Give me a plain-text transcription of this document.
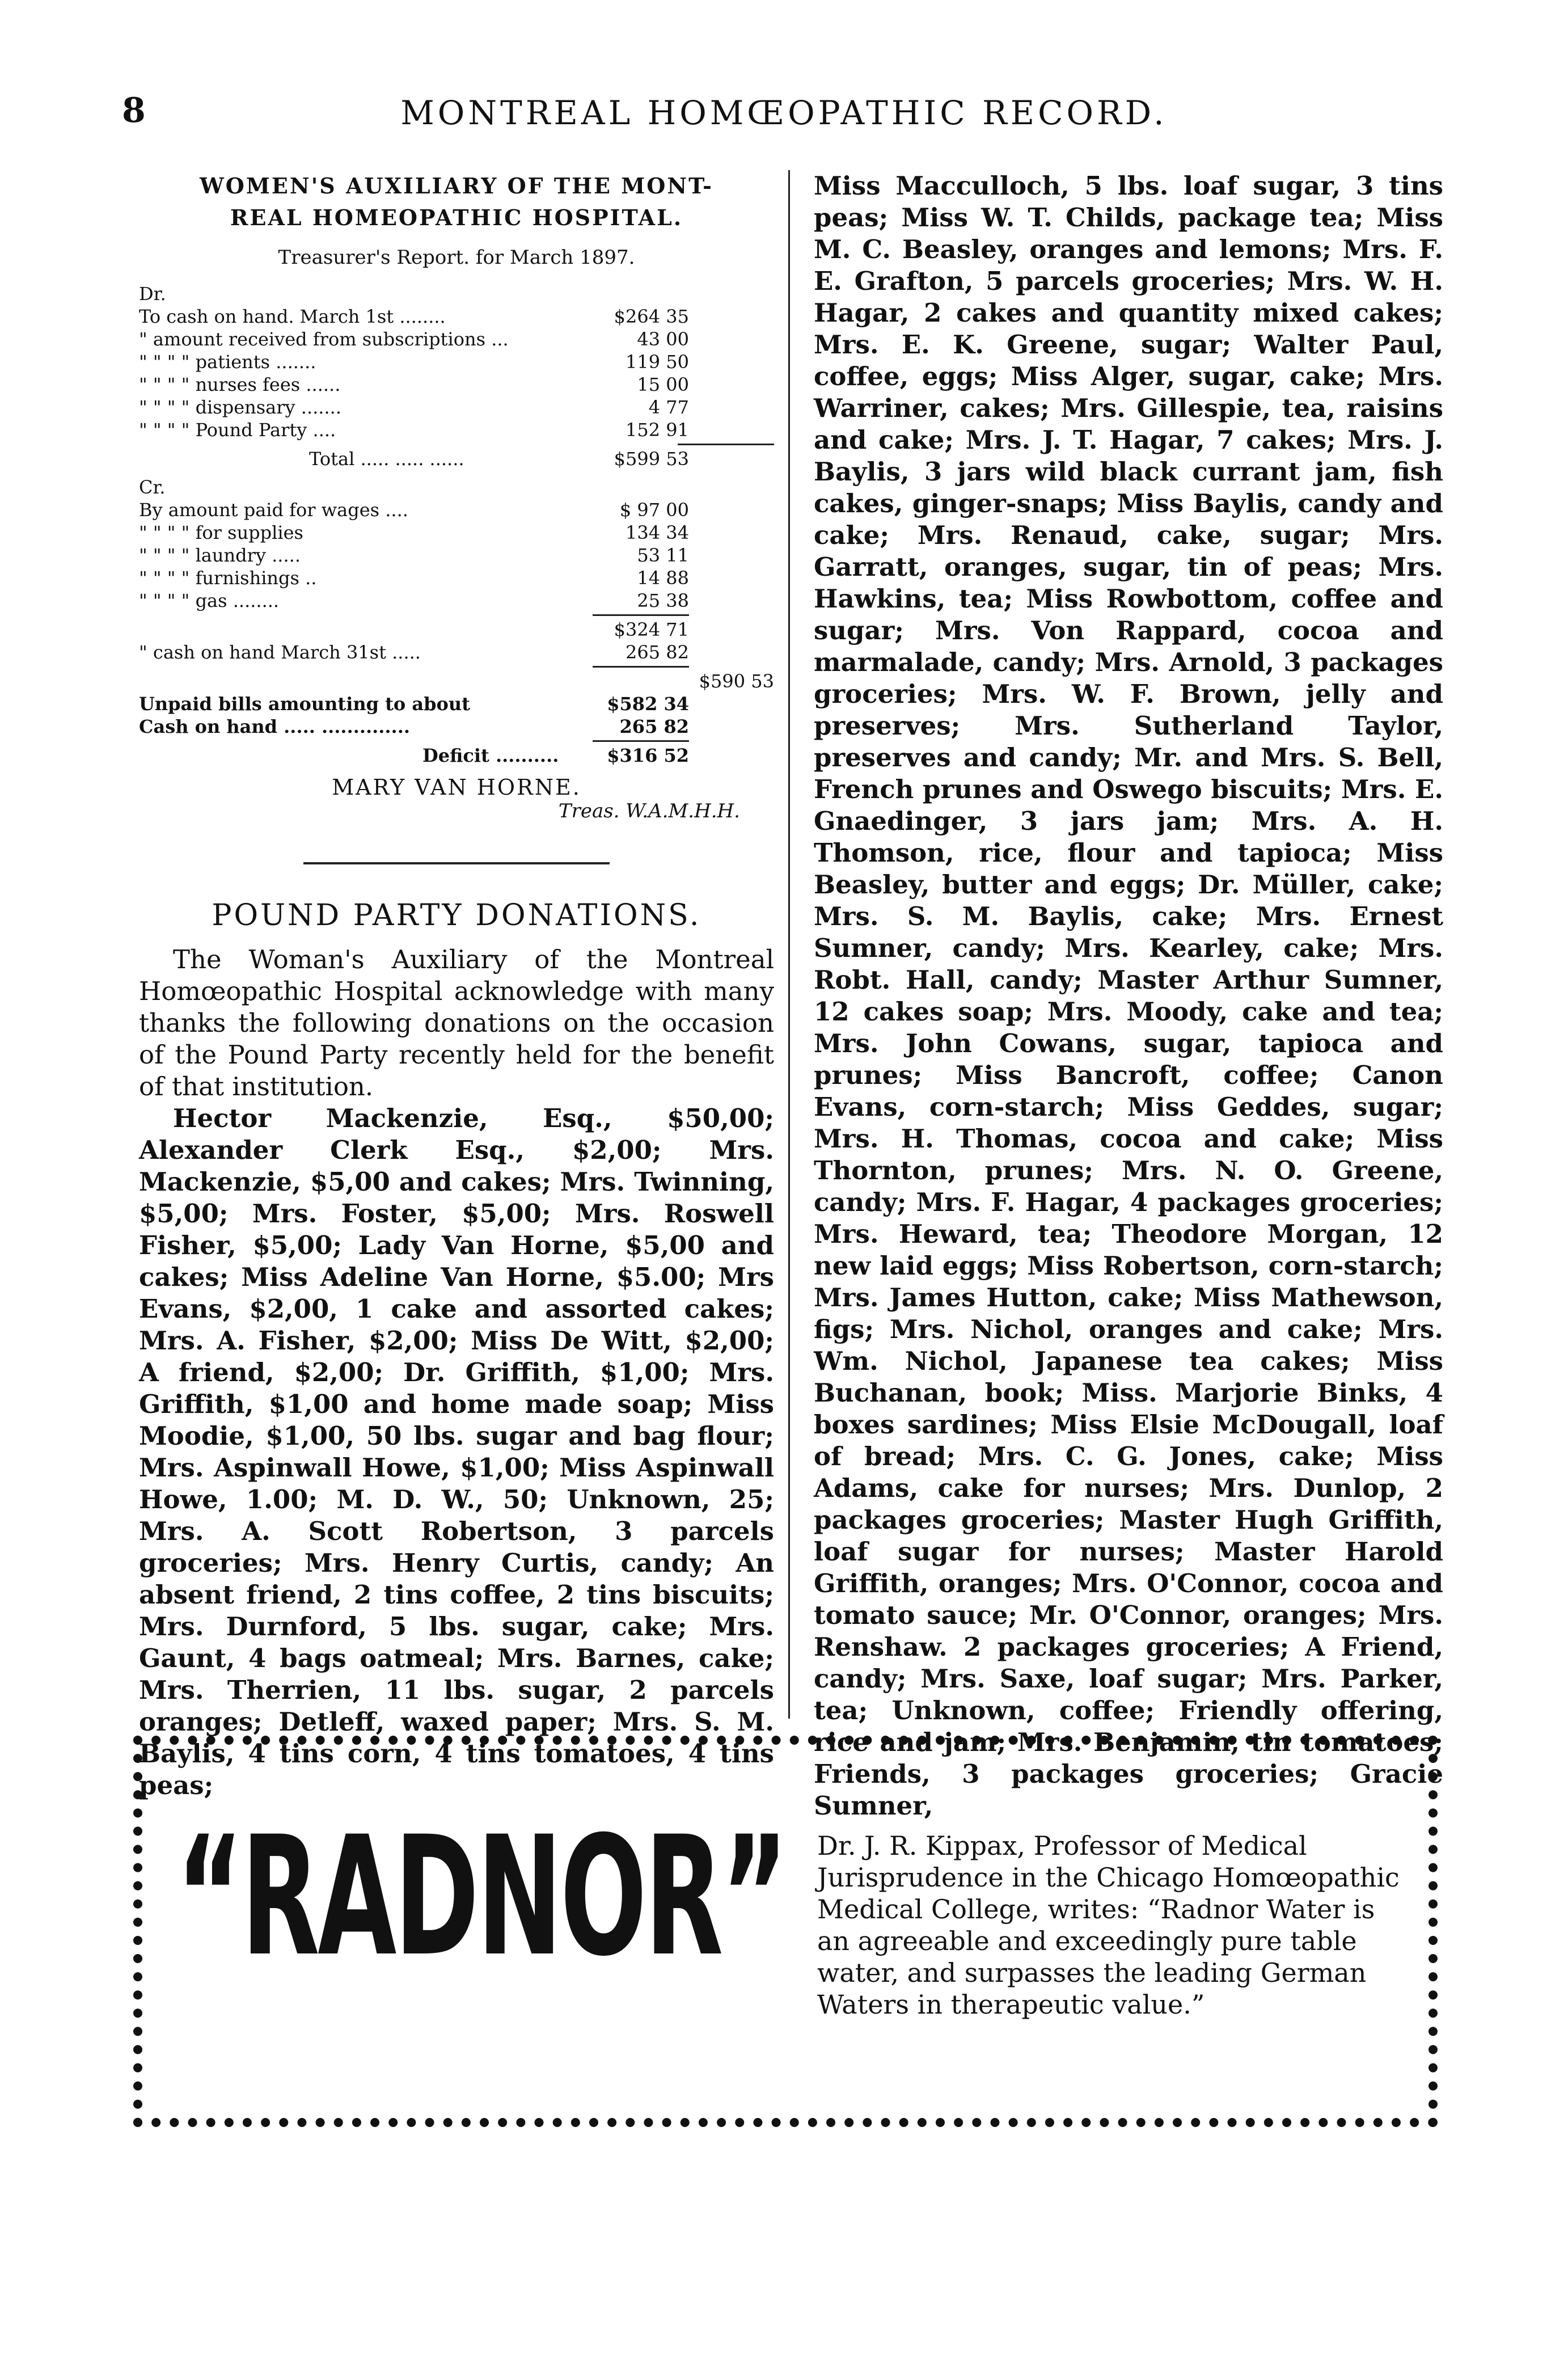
8	MONTREAL HOMŒOPATHIC RECORD.
WOMEN'S AUXILIARY OF THE MONT-
REAL HOMEOPATHIC HOSPITAL.
Treasurer's Report. for March 1897.
Dr.
To cash on hand. March 1st ........	$264 35
" amount received from subscriptions ...	43 00
" " " " patients .......	119 50
" " " " nurses fees ......	15 00
" " " " dispensary .......	4 77
" " " " Pound Party ....	152 91
Total ..... ..... ......	$599 53
Cr.
By amount paid for wages ....	$ 97 00
" " " " for supplies	134 34
" " " " laundry .....	53 11
" " " " furnishings ..	14 88
" " " " gas ........	25 38
$324 71
" cash on hand March 31st .....	265 82
$590 53
Unpaid bills amounting to about	$582 34
Cash on hand ..... ..............	265 82
Deficit ..........	$316 52
MARY VAN HORNE.
Treas. W.A.M.H.H.
POUND PARTY DONATIONS.

The Woman's Auxiliary of the Montreal Homœopathic Hospital acknowledge with many thanks the following donations on the occasion of the Pound Party recently held for the benefit of that institution.

Hector Mackenzie, Esq., $50,00; Alexander Clerk Esq., $2,00; Mrs. Mackenzie, $5,00 and cakes; Mrs. Twinning, $5,00; Mrs. Foster, $5,00; Mrs. Roswell Fisher, $5,00; Lady Van Horne, $5,00 and cakes; Miss Adeline Van Horne, $5.00; Mrs Evans, $2,00, 1 cake and assorted cakes; Mrs. A. Fisher, $2,00; Miss De Witt, $2,00; A friend, $2,00; Dr. Griffith, $1,00; Mrs. Griffith, $1,00 and home made soap; Miss Moodie, $1,00, 50 lbs. sugar and bag flour; Mrs. Aspinwall Howe, $1,00; Miss Aspinwall Howe, 1.00; M. D. W., 50; Unknown, 25; Mrs. A. Scott Robertson, 3 parcels groceries; Mrs. Henry Curtis, candy; An absent friend, 2 tins coffee, 2 tins biscuits; Mrs. Durnford, 5 lbs. sugar, cake; Mrs. Gaunt, 4 bags oatmeal; Mrs. Barnes, cake; Mrs. Therrien, 11 lbs. sugar, 2 parcels oranges; Detleff, waxed paper; Mrs. S. M. Baylis, 4 tins corn, 4 tins tomatoes, 4 tins peas;

Miss Macculloch, 5 lbs. loaf sugar, 3 tins peas; Miss W. T. Childs, package tea; Miss M. C. Beasley, oranges and lemons; Mrs. F. E. Grafton, 5 parcels groceries; Mrs. W. H. Hagar, 2 cakes and quantity mixed cakes; Mrs. E. K. Greene, sugar; Walter Paul, coffee, eggs; Miss Alger, sugar, cake; Mrs. Warriner, cakes; Mrs. Gillespie, tea, raisins and cake; Mrs. J. T. Hagar, 7 cakes; Mrs. J. Baylis, 3 jars wild black currant jam, fish cakes, ginger-snaps; Miss Baylis, candy and cake; Mrs. Renaud, cake, sugar; Mrs. Garratt, oranges, sugar, tin of peas; Mrs. Hawkins, tea; Miss Rowbottom, coffee and sugar; Mrs. Von Rappard, cocoa and marmalade, candy; Mrs. Arnold, 3 packages groceries; Mrs. W. F. Brown, jelly and preserves; Mrs. Sutherland Taylor, preserves and candy; Mr. and Mrs. S. Bell, French prunes and Oswego biscuits; Mrs. E. Gnaedinger, 3 jars jam; Mrs. A. H. Thomson, rice, flour and tapioca; Miss Beasley, butter and eggs; Dr. Müller, cake; Mrs. S. M. Baylis, cake; Mrs. Ernest Sumner, candy; Mrs. Kearley, cake; Mrs. Robt. Hall, candy; Master Arthur Sumner, 12 cakes soap; Mrs. Moody, cake and tea; Mrs. John Cowans, sugar, tapioca and prunes; Miss Bancroft, coffee; Canon Evans, corn-starch; Miss Geddes, sugar; Mrs. H. Thomas, cocoa and cake; Miss Thornton, prunes; Mrs. N. O. Greene, candy; Mrs. F. Hagar, 4 packages groceries; Mrs. Heward, tea; Theodore Morgan, 12 new laid eggs; Miss Robertson, corn-starch; Mrs. James Hutton, cake; Miss Mathewson, figs; Mrs. Nichol, oranges and cake; Mrs. Wm. Nichol, Japanese tea cakes; Miss Buchanan, book; Miss. Marjorie Binks, 4 boxes sardines; Miss Elsie McDougall, loaf of bread; Mrs. C. G. Jones, cake; Miss Adams, cake for nurses; Mrs. Dunlop, 2 packages groceries; Master Hugh Griffith, loaf sugar for nurses; Master Harold Griffith, oranges; Mrs. O'Connor, cocoa and tomato sauce; Mr. O'Connor, oranges; Mrs. Renshaw. 2 packages groceries; A Friend, candy; Mrs. Saxe, loaf sugar; Mrs. Parker, tea; Unknown, coffee; Friendly offering, rice and jam; Mrs. Benjamin, tin tomatoes; Friends, 3 packages groceries; Gracie Sumner,

“RADNOR” Dr. J. R. Kippax, Professor of Medical Jurisprudence in the Chicago Homœopathic Medical College, writes: “Radnor Water is an agreeable and exceedingly pure table water, and surpasses the leading German Waters in therapeutic value.”
